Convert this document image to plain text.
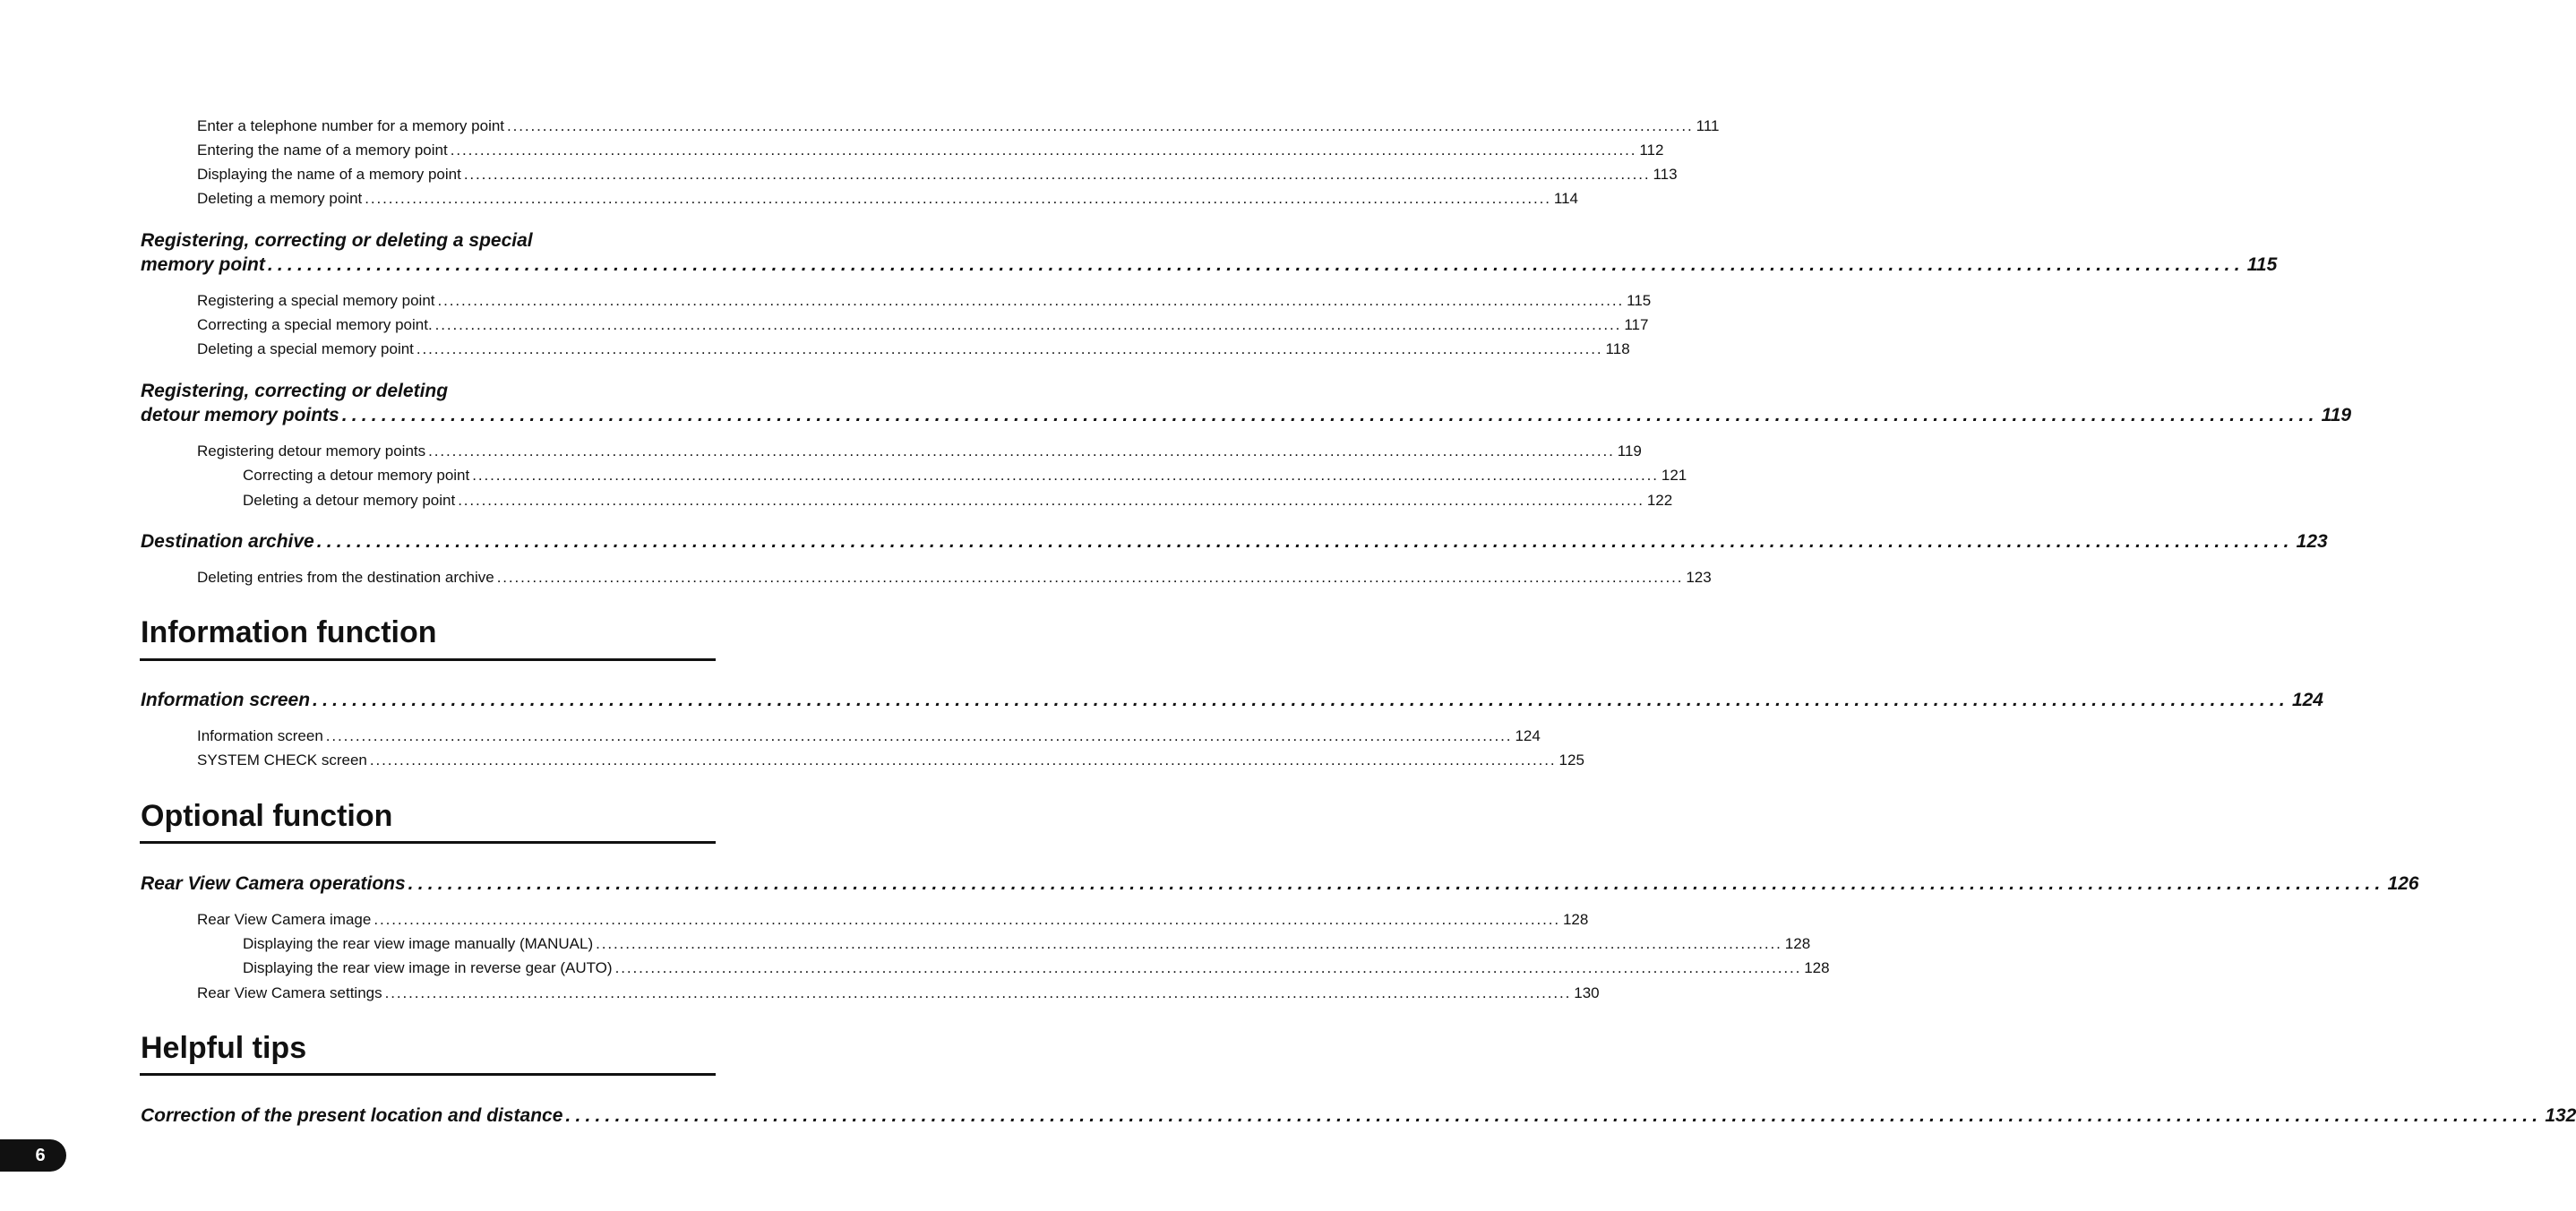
Enter a telephone number for a memory point ........................................................................................................................................................................................................ 111
Entering the name of a memory point ........................................................................................................................................................................................................ 112
Displaying the name of a memory point ........................................................................................................................................................................................................ 113
Deleting a memory point ........................................................................................................................................................................................................ 114
Registering, correcting or deleting a special
memory point ........................................................................................................................................................................................................ 115
Registering a special memory point ........................................................................................................................................................................................................ 115
Correcting a special memory point. ........................................................................................................................................................................................................ 117
Deleting a special memory point ........................................................................................................................................................................................................ 118
Registering, correcting or deleting
detour memory points ........................................................................................................................................................................................................ 119
Registering detour memory points ........................................................................................................................................................................................................ 119
Correcting a detour memory point ........................................................................................................................................................................................................ 121
Deleting a detour memory point ........................................................................................................................................................................................................ 122
Destination archive ........................................................................................................................................................................................................ 123
Deleting entries from the destination archive ........................................................................................................................................................................................................ 123
Information function
Information screen ........................................................................................................................................................................................................ 124
Information screen ........................................................................................................................................................................................................ 124
SYSTEM CHECK screen ........................................................................................................................................................................................................ 125
Optional function
Rear View Camera operations ........................................................................................................................................................................................................ 126
Rear View Camera image ........................................................................................................................................................................................................ 128
Displaying the rear view image manually (MANUAL) ........................................................................................................................................................................................................ 128
Displaying the rear view image in reverse gear (AUTO) ........................................................................................................................................................................................................ 128
Rear View Camera settings ........................................................................................................................................................................................................ 130
Helpful tips
Correction of the present location and distance ........................................................................................................................................................................................................ 132
6
